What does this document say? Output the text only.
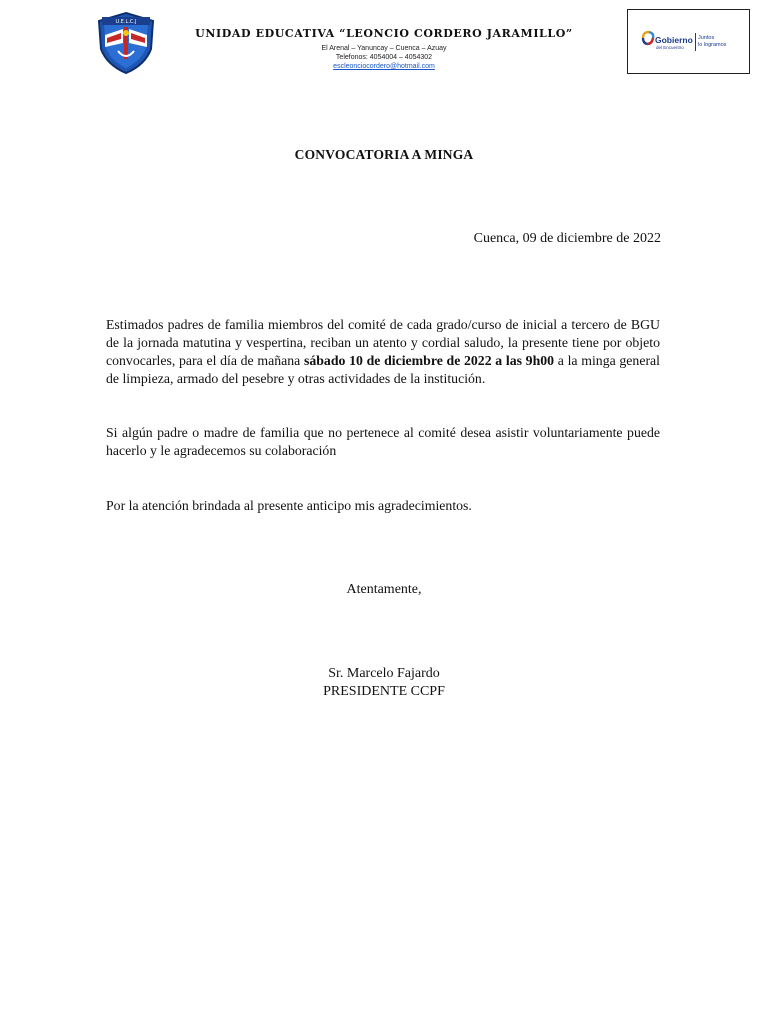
U.E.L.C.J
UNIDAD EDUCATIVA “LEONCIO CORDERO JARAMILLO”
El Arenal – Yanuncay – Cuenca – Azuay
Telefonos: 4054004 – 4054302
escleonciocordero@hotmail.com
Gobierno
del Encuentro
Juntos
lo logramos
CONVOCATORIA A MINGA
Cuenca, 09 de diciembre de 2022
Estimados padres de familia miembros del comité de cada grado/curso de inicial a tercero de BGU de la jornada matutina y vespertina, reciban un atento y cordial saludo, la presente tiene por objeto convocarles, para el día de mañana sábado 10 de diciembre de 2022 a las 9h00 a la minga general de limpieza, armado del pesebre y otras actividades de la institución.
Si algún padre o madre de familia que no pertenece al comité desea asistir voluntariamente puede hacerlo y le agradecemos su colaboración
Por la atención brindada al presente anticipo mis agradecimientos.
Atentamente,
Sr. Marcelo Fajardo
PRESIDENTE CCPF
